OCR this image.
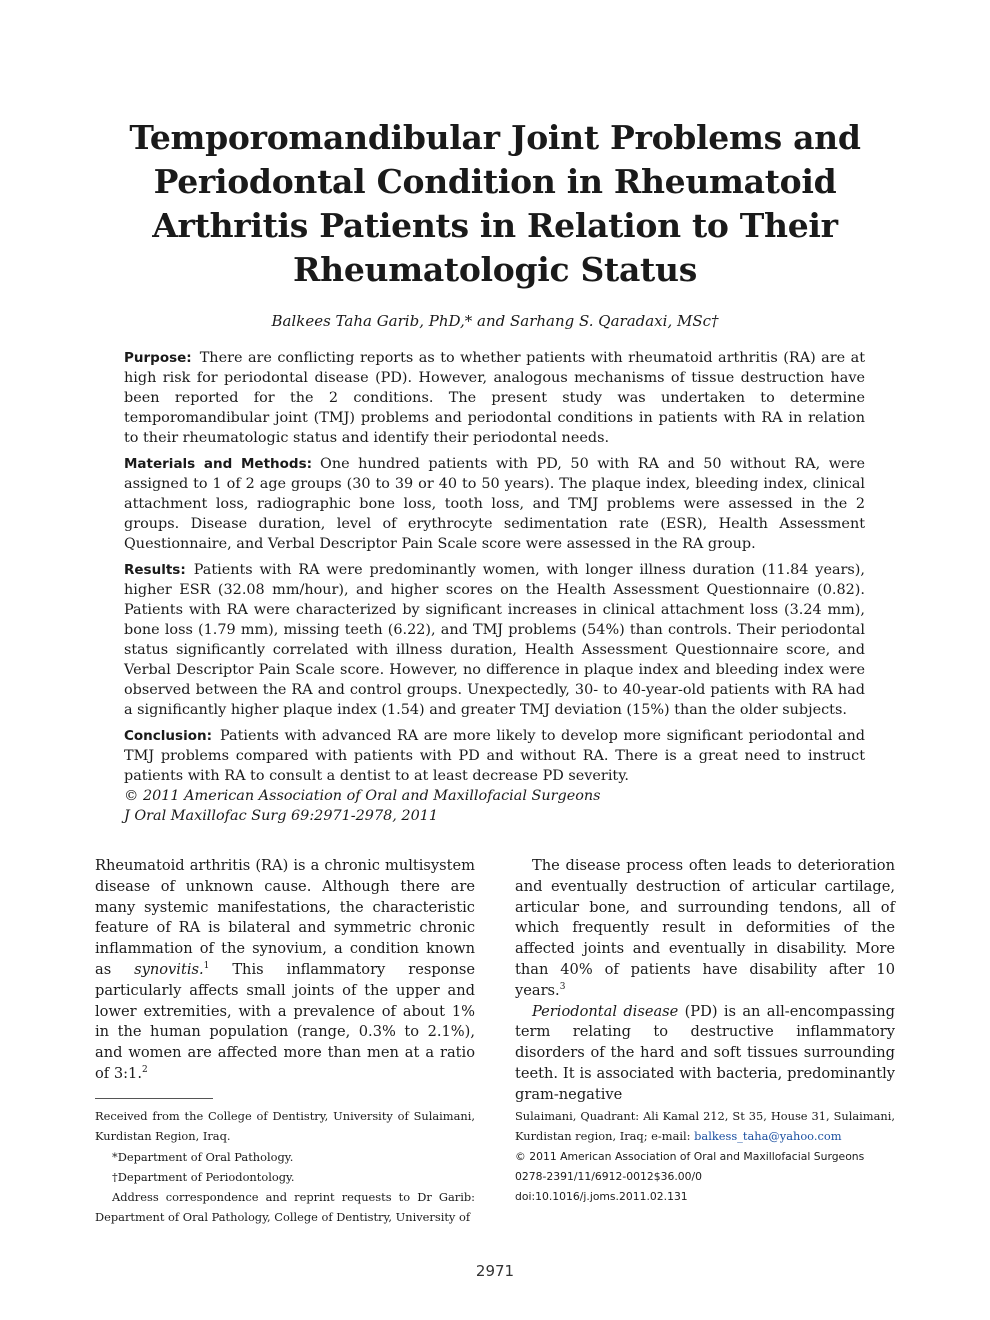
Temporomandibular Joint Problems and Periodontal Condition in Rheumatoid Arthritis Patients in Relation to Their Rheumatologic Status

Balkees Taha Garib, PhD,* and Sarhang S. Qaradaxi, MSc†

Purpose: There are conflicting reports as to whether patients with rheumatoid arthritis (RA) are at high risk for periodontal disease (PD). However, analogous mechanisms of tissue destruction have been reported for the 2 conditions. The present study was undertaken to determine temporomandibular joint (TMJ) problems and periodontal conditions in patients with RA in relation to their rheumatologic status and identify their periodontal needs.

Materials and Methods: One hundred patients with PD, 50 with RA and 50 without RA, were assigned to 1 of 2 age groups (30 to 39 or 40 to 50 years). The plaque index, bleeding index, clinical attachment loss, radiographic bone loss, tooth loss, and TMJ problems were assessed in the 2 groups. Disease duration, level of erythrocyte sedimentation rate (ESR), Health Assessment Questionnaire, and Verbal Descriptor Pain Scale score were assessed in the RA group.

Results: Patients with RA were predominantly women, with longer illness duration (11.84 years), higher ESR (32.08 mm/hour), and higher scores on the Health Assessment Questionnaire (0.82). Patients with RA were characterized by significant increases in clinical attachment loss (3.24 mm), bone loss (1.79 mm), missing teeth (6.22), and TMJ problems (54%) than controls. Their periodontal status significantly correlated with illness duration, Health Assessment Questionnaire score, and Verbal Descriptor Pain Scale score. However, no difference in plaque index and bleeding index were observed between the RA and control groups. Unexpectedly, 30- to 40-year-old patients with RA had a significantly higher plaque index (1.54) and greater TMJ deviation (15%) than the older subjects.

Conclusion: Patients with advanced RA are more likely to develop more significant periodontal and TMJ problems compared with patients with PD and without RA. There is a great need to instruct patients with RA to consult a dentist to at least decrease PD severity.

© 2011 American Association of Oral and Maxillofacial Surgeons

J Oral Maxillofac Surg 69:2971-2978, 2011

Rheumatoid arthritis (RA) is a chronic multisystem disease of unknown cause. Although there are many systemic manifestations, the characteristic feature of RA is bilateral and symmetric chronic inflammation of the synovium, a condition known as synovitis.$^1$ This inflammatory response particularly affects small joints of the upper and lower extremities, with a prevalence of about 1% in the human population (range, 0.3% to 2.1%), and women are affected more than men at a ratio of 3:1.$^2$

The disease process often leads to deterioration and eventually destruction of articular cartilage, articular bone, and surrounding tendons, all of which frequently result in deformities of the affected joints and eventually in disability. More than 40% of patients have disability after 10 years.$^3$

Periodontal disease (PD) is an all-encompassing term relating to destructive inflammatory disorders of the hard and soft tissues surrounding teeth. It is associated with bacteria, predominantly gram-negative

Received from the College of Dentistry, University of Sulaimani, Kurdistan Region, Iraq.

*Department of Oral Pathology.

†Department of Periodontology.

Address correspondence and reprint requests to Dr Garib: Department of Oral Pathology, College of Dentistry, University of

Sulaimani, Quadrant: Ali Kamal 212, St 35, House 31, Sulaimani, Kurdistan region, Iraq; e-mail: balkess_taha@yahoo.com

© 2011 American Association of Oral and Maxillofacial Surgeons

0278-2391/11/6912-0012$36.00/0

doi:10.1016/j.joms.2011.02.131

2971
